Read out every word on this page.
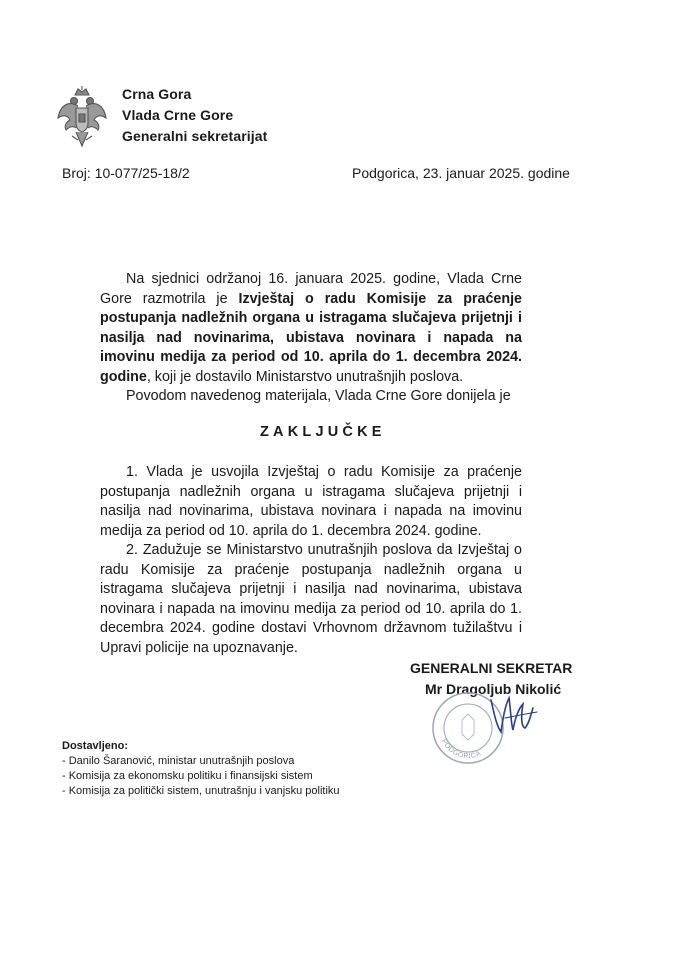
Crna Gora
Vlada Crne Gore
Generalni sekretarijat
Broj: 10-077/25-18/2	Podgorica, 23. januar 2025. godine

Na sjednici održanoj 16. januara 2025. godine, Vlada Crne Gore razmotrila je Izvještaj o radu Komisije za praćenje postupanja nadležnih organa u istragama slučajeva prijetnji i nasilja nad novinarima, ubistava novinara i napada na imovinu medija za period od 10. aprila do 1. decembra 2024. godine, koji je dostavilo Ministarstvo unutrašnjih poslova.

Povodom navedenog materijala, Vlada Crne Gore donijela je

ZAKLJUČKE

1. Vlada je usvojila Izvještaj o radu Komisije za praćenje postupanja nadležnih organa u istragama slučajeva prijetnji i nasilja nad novinarima, ubistava novinara i napada na imovinu medija za period od 10. aprila do 1. decembra 2024. godine.

2. Zadužuje se Ministarstvo unutrašnjih poslova da Izvještaj o radu Komisije za praćenje postupanja nadležnih organa u istragama slučajeva prijetnji i nasilja nad novinarima, ubistava novinara i napada na imovinu medija za period od 10. aprila do 1. decembra 2024. godine dostavi Vrhovnom državnom tužilaštvu i Upravi policije na upoznavanje.

GENERALNI SEKRETAR
Mr Dragoljub Nikolić
PODGORICA
Dostavljeno:
- Danilo Šaranović, ministar unutrašnjih poslova
- Komisija za ekonomsku politiku i finansijski sistem
- Komisija za politički sistem, unutrašnju i vanjsku politiku
